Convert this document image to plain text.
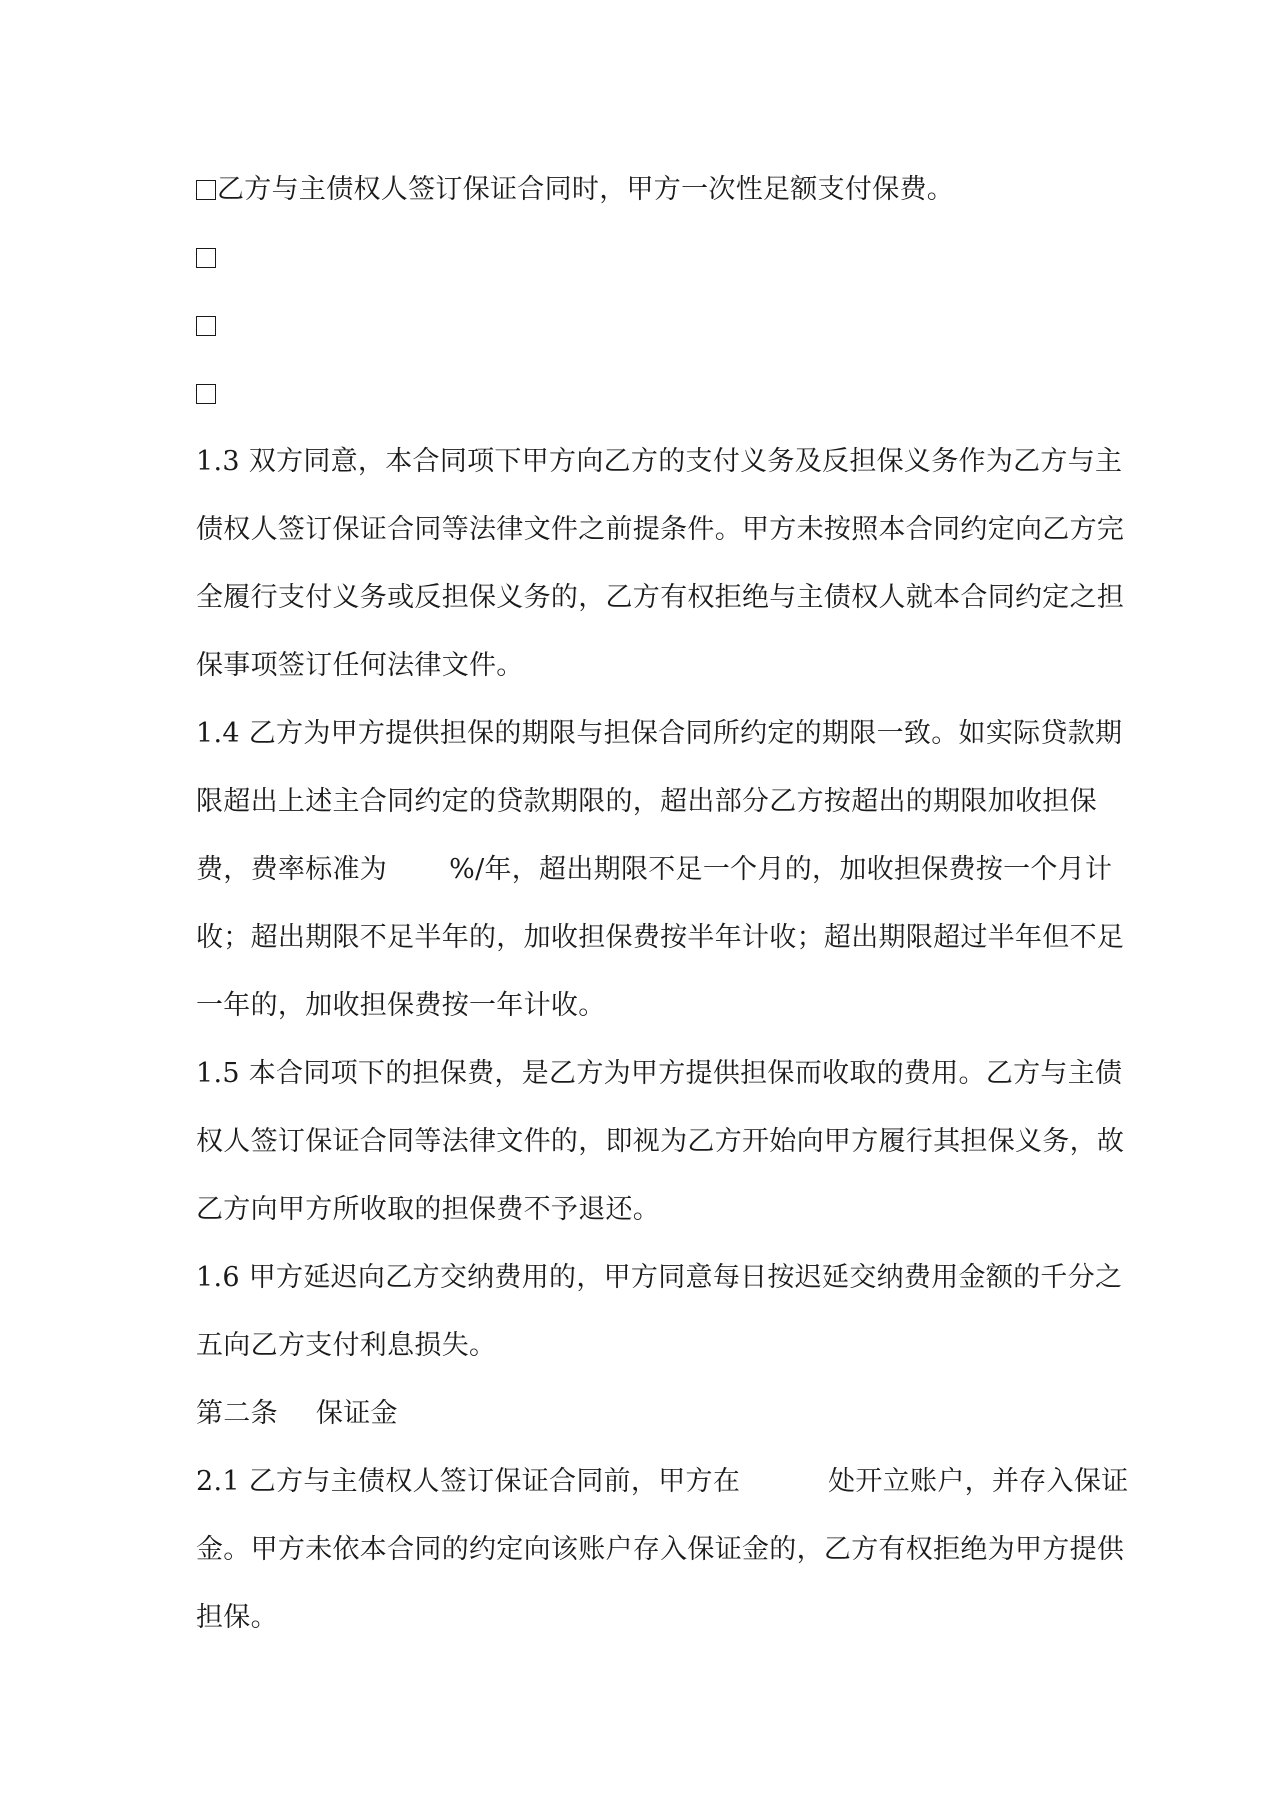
乙方与主债权人签订保证合同时，甲方一次性足额支付保费。
1.3 双方同意，本合同项下甲方向乙方的支付义务及反担保义务作为乙方与主
债权人签订保证合同等法律文件之前提条件。甲方未按照本合同约定向乙方完
全履行支付义务或反担保义务的，乙方有权拒绝与主债权人就本合同约定之担
保事项签订任何法律文件。
1.4 乙方为甲方提供担保的期限与担保合同所约定的期限一致。如实际贷款期
限超出上述主合同约定的贷款期限的，超出部分乙方按超出的期限加收担保
费，费率标准为 %/年，超出期限不足一个月的，加收担保费按一个月计
收；超出期限不足半年的，加收担保费按半年计收；超出期限超过半年但不足
一年的，加收担保费按一年计收。
1.5 本合同项下的担保费，是乙方为甲方提供担保而收取的费用。乙方与主债
权人签订保证合同等法律文件的，即视为乙方开始向甲方履行其担保义务，故
乙方向甲方所收取的担保费不予退还。
1.6 甲方延迟向乙方交纳费用的，甲方同意每日按迟延交纳费用金额的千分之
五向乙方支付利息损失。
第二条 保证金
2.1 乙方与主债权人签订保证合同前，甲方在	处开立账户，并存入保证
金。甲方未依本合同的约定向该账户存入保证金的，乙方有权拒绝为甲方提供
担保。
